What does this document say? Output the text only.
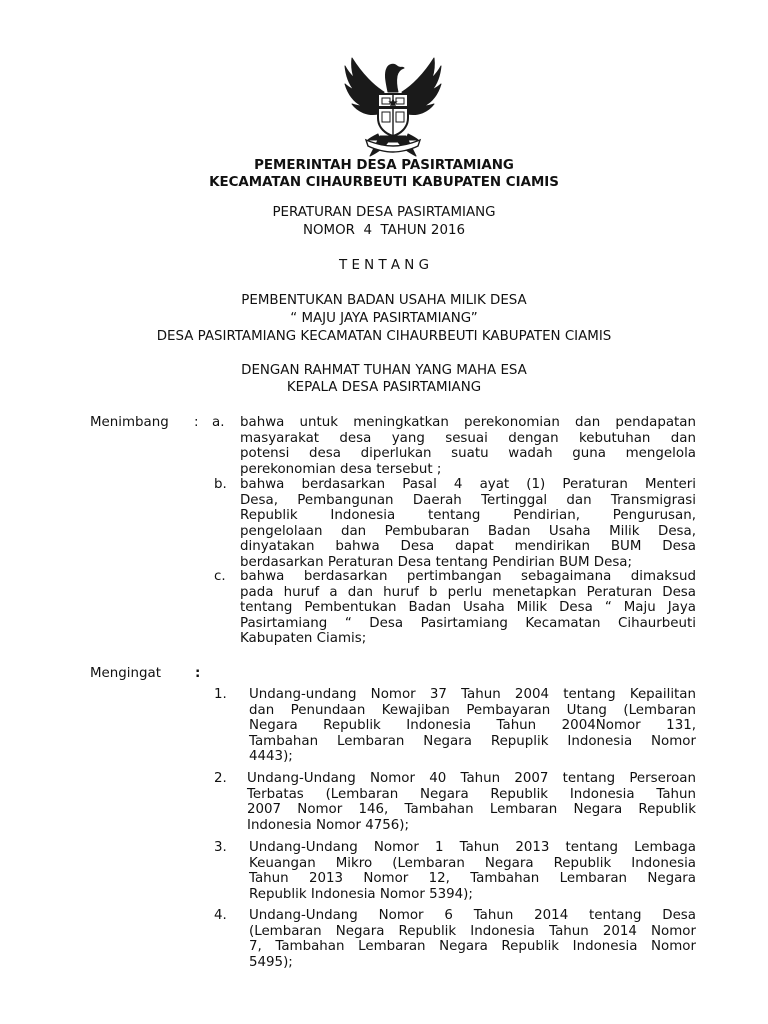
PEMERINTAH DESA PASIRTAMIANG
KECAMATAN CIHAURBEUTI KABUPATEN CIAMIS
PERATURAN DESA PASIRTAMIANG
NOMOR  4  TAHUN 2016
T E N T A N G
PEMBENTUKAN BADAN USAHA MILIK DESA
“ MAJU JAYA PASIRTAMIANG”
DESA PASIRTAMIANG KECAMATAN CIHAURBEUTI KABUPATEN CIAMIS
DENGAN RAHMAT TUHAN YANG MAHA ESA
KEPALA DESA PASIRTAMIANG
Menimbang : a. bahwa untuk meningkatkan perekonomian dan pendapatan
masyarakat desa yang sesuai dengan kebutuhan dan
potensi desa diperlukan suatu wadah guna mengelola
perekonomian desa tersebut ;
b. bahwa berdasarkan Pasal 4 ayat (1) Peraturan Menteri
Desa, Pembangunan Daerah Tertinggal dan Transmigrasi
Republik Indonesia tentang Pendirian, Pengurusan,
pengelolaan dan Pembubaran Badan Usaha Milik Desa,
dinyatakan bahwa Desa dapat mendirikan BUM Desa
berdasarkan Peraturan Desa tentang Pendirian BUM Desa;
c. bahwa berdasarkan pertimbangan sebagaimana dimaksud
pada huruf a dan huruf b perlu menetapkan Peraturan Desa
tentang Pembentukan Badan Usaha Milik Desa “ Maju Jaya
Pasirtamiang “ Desa Pasirtamiang Kecamatan Cihaurbeuti
Kabupaten Ciamis;
Mengingat	:
1. Undang-undang Nomor 37 Tahun 2004 tentang Kepailitan
dan Penundaan Kewajiban Pembayaran Utang (Lembaran
Negara Republik Indonesia Tahun 2004Nomor 131,
Tambahan Lembaran Negara Repuplik Indonesia Nomor
4443);
2. Undang-Undang Nomor 40 Tahun 2007 tentang Perseroan
Terbatas (Lembaran Negara Republik Indonesia Tahun
2007 Nomor 146, Tambahan Lembaran Negara Republik
Indonesia Nomor 4756);
3. Undang-Undang Nomor 1 Tahun 2013 tentang Lembaga
Keuangan Mikro (Lembaran Negara Republik Indonesia
Tahun 2013 Nomor 12, Tambahan Lembaran Negara
Republik Indonesia Nomor 5394);
4. Undang-Undang Nomor 6 Tahun 2014 tentang Desa
(Lembaran Negara Republik Indonesia Tahun 2014 Nomor
7, Tambahan Lembaran Negara Republik Indonesia Nomor
5495);
